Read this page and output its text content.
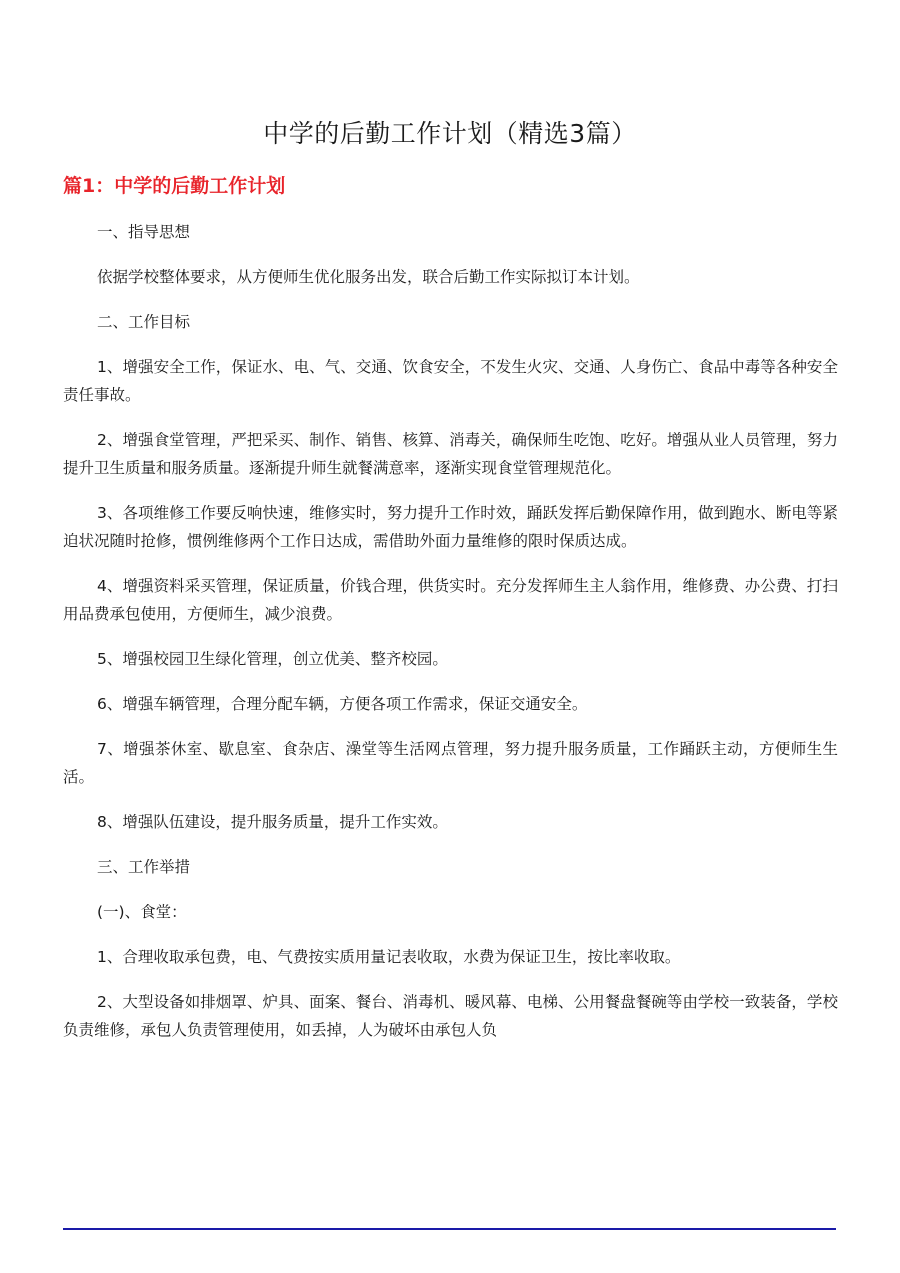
中学的后勤工作计划（精选3篇）
篇1：中学的后勤工作计划

一、指导思想

依据学校整体要求，从方便师生优化服务出发，联合后勤工作实际拟订本计划。

二、工作目标

1、增强安全工作，保证水、电、气、交通、饮食安全，不发生火灾、交通、人身伤亡、食品中毒等各种安全责任事故。

2、增强食堂管理，严把采买、制作、销售、核算、消毒关，确保师生吃饱、吃好。增强从业人员管理，努力提升卫生质量和服务质量。逐渐提升师生就餐满意率，逐渐实现食堂管理规范化。

3、各项维修工作要反响快速，维修实时，努力提升工作时效，踊跃发挥后勤保障作用，做到跑水、断电等紧迫状况随时抢修，惯例维修两个工作日达成，需借助外面力量维修的限时保质达成。

4、增强资料采买管理，保证质量，价钱合理，供货实时。充分发挥师生主人翁作用，维修费、办公费、打扫用品费承包使用，方便师生，减少浪费。

5、增强校园卫生绿化管理，创立优美、整齐校园。

6、增强车辆管理，合理分配车辆，方便各项工作需求，保证交通安全。

7、增强茶休室、歇息室、食杂店、澡堂等生活网点管理，努力提升服务质量，工作踊跃主动，方便师生生活。

8、增强队伍建设，提升服务质量，提升工作实效。

三、工作举措

(一)、食堂：

1、合理收取承包费，电、气费按实质用量记表收取，水费为保证卫生，按比率收取。

2、大型设备如排烟罩、炉具、面案、餐台、消毒机、暖风幕、电梯、公用餐盘餐碗等由学校一致装备，学校负责维修，承包人负责管理使用，如丢掉，人为破坏由承包人负
